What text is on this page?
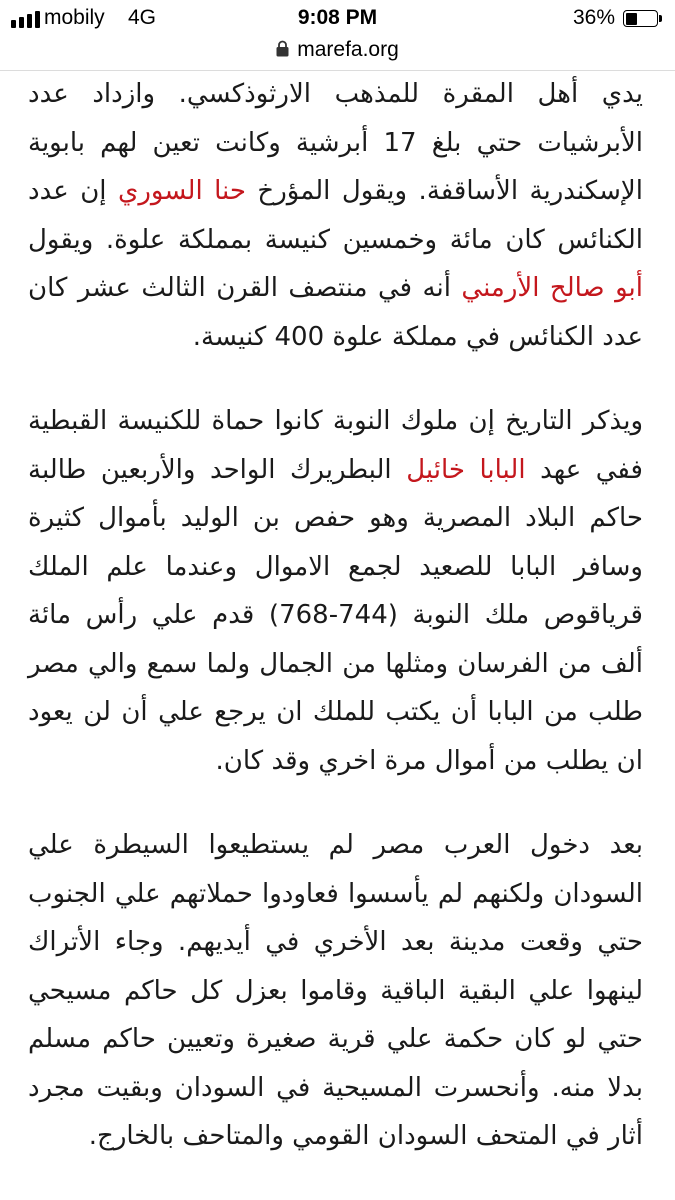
mobily 4G	9:08 PM	36%
marefa.org

يدي أهل المقرة للمذهب الارثوذكسي. وازداد عدد الأبرشيات حتي بلغ 17 أبرشية وكانت تعين لهم بابوية الإسكندرية الأساقفة. ويقول المؤرخ حنا السوري إن عدد الكنائس كان مائة وخمسين كنيسة بمملكة علوة. ويقول أبو صالح الأرمني أنه في منتصف القرن الثالث عشر كان عدد الكنائس في مملكة علوة 400 كنيسة.

ويذكر التاريخ إن ملوك النوبة كانوا حماة للكنيسة القبطية ففي عهد البابا خائيل البطريرك الواحد والأربعين طالبة حاكم البلاد المصرية وهو حفص بن الوليد بأموال كثيرة وسافر البابا للصعيد لجمع الاموال وعندما علم الملك قرياقوص ملك النوبة (744-768) قدم علي رأس مائة ألف من الفرسان ومثلها من الجمال ولما سمع والي مصر طلب من البابا أن يكتب للملك ان يرجع علي أن لن يعود ان يطلب من أموال مرة اخري وقد كان.

بعد دخول العرب مصر لم يستطيعوا السيطرة علي السودان ولكنهم لم يأسسوا فعاودوا حملاتهم علي الجنوب حتي وقعت مدينة بعد الأخري في أيديهم. وجاء الأتراك لينهوا علي البقية الباقية وقاموا بعزل كل حاكم مسيحي حتي لو كان حكمة علي قرية صغيرة وتعيين حاكم مسلم بدلا منه. وأنحسرت المسيحية في السودان وبقيت مجرد أثار في المتحف السودان القومي والمتاحف بالخارج.
